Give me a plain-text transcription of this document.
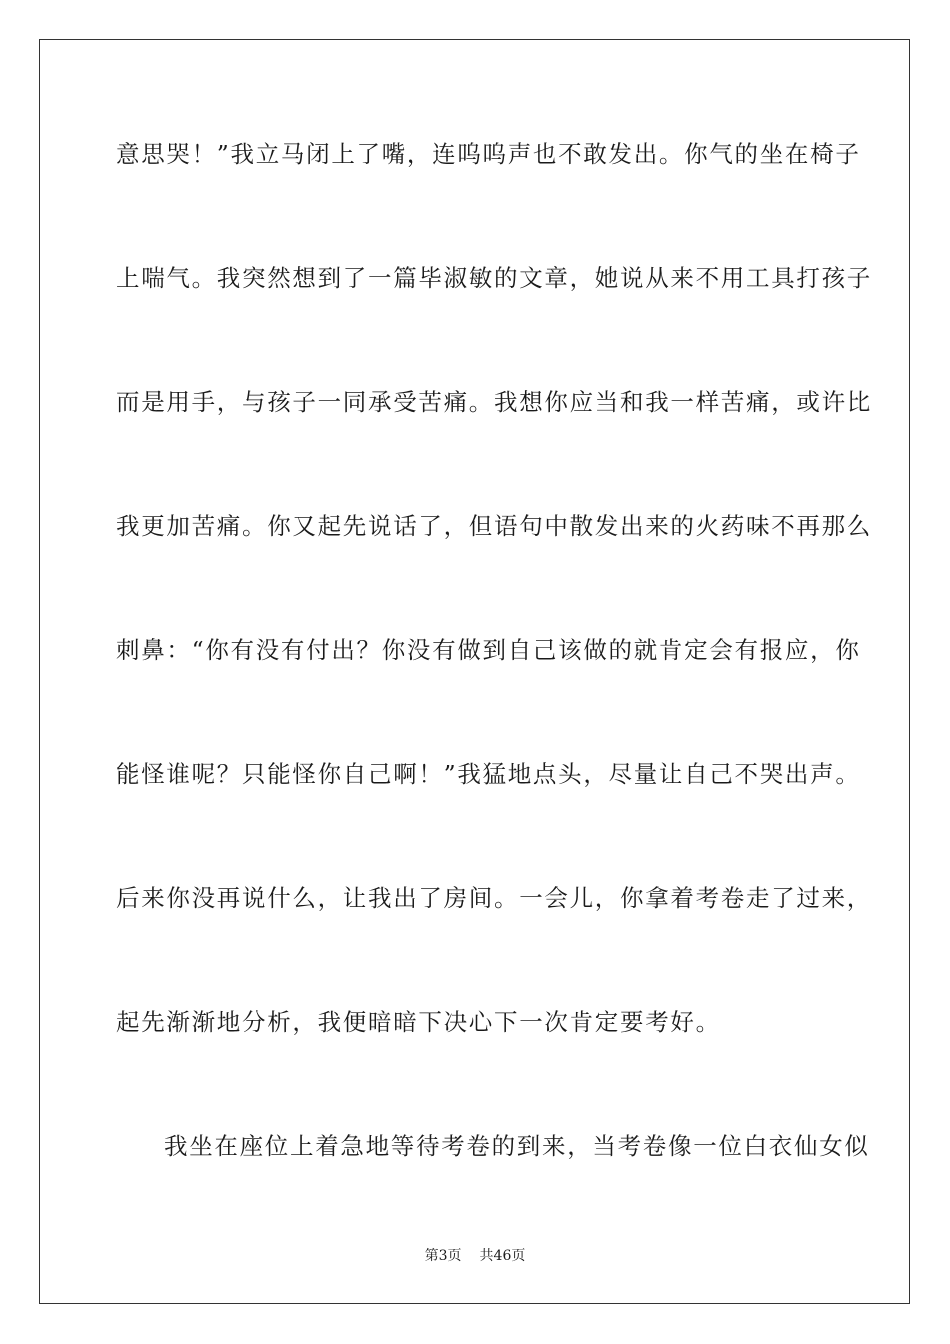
意思哭！”我立马闭上了嘴，连呜呜声也不敢发出。你气的坐在椅子
上喘气。我突然想到了一篇毕淑敏的文章，她说从来不用工具打孩子
而是用手，与孩子一同承受苦痛。我想你应当和我一样苦痛，或许比
我更加苦痛。你又起先说话了，但语句中散发出来的火药味不再那么
刺鼻：“你有没有付出？你没有做到自己该做的就肯定会有报应，你
能怪谁呢？只能怪你自己啊！”我猛地点头，尽量让自己不哭出声。
后来你没再说什么，让我出了房间。一会儿，你拿着考卷走了过来，
起先渐渐地分析，我便暗暗下决心下一次肯定要考好。
我坐在座位上着急地等待考卷的到来，当考卷像一位白衣仙女似
第3页 共46页
